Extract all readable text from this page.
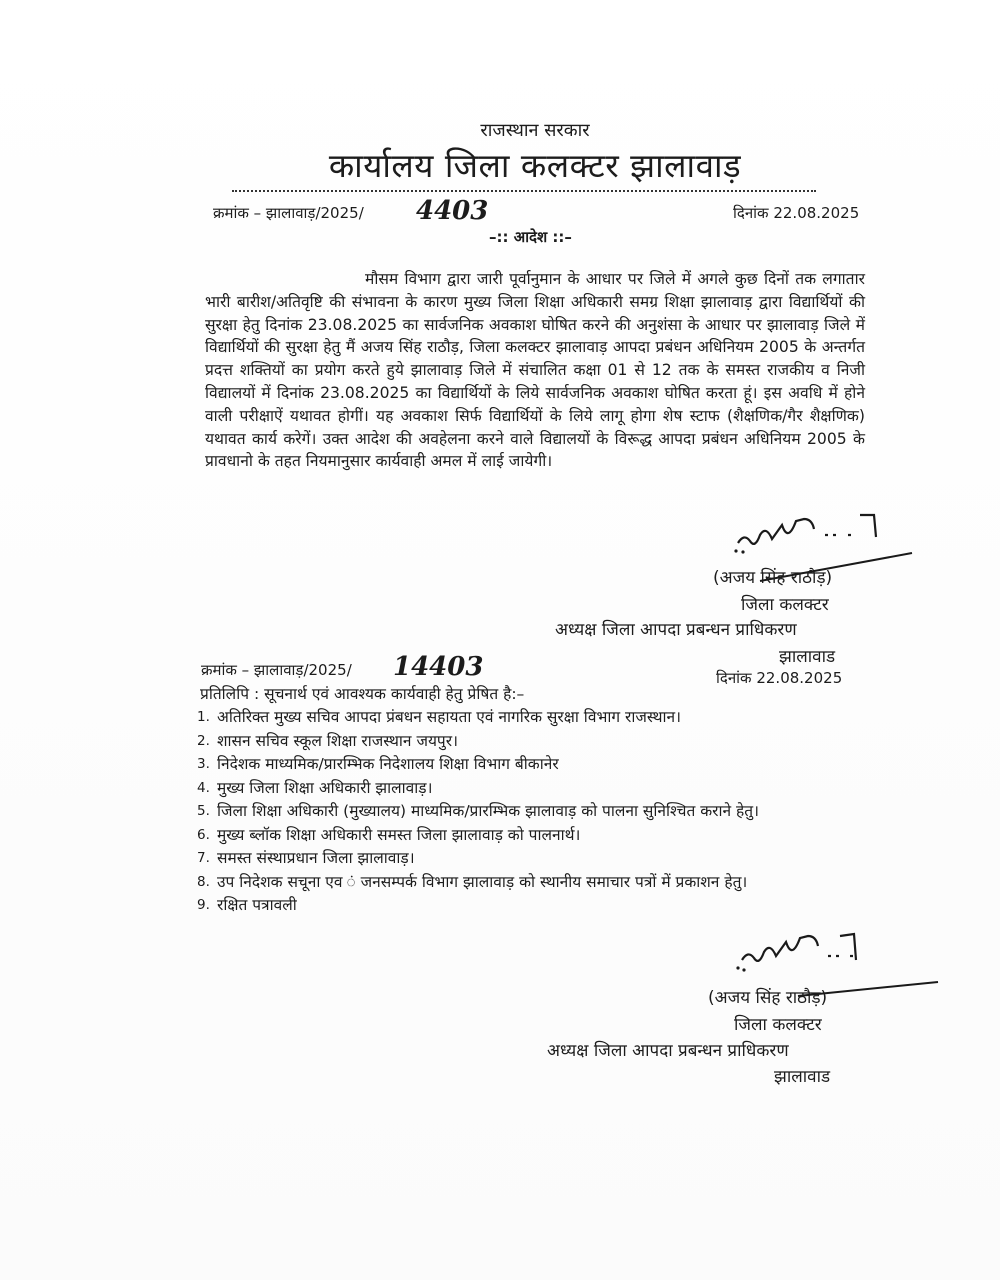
राजस्थान सरकार
कार्यालय जिला कलक्टर झालावाड़
क्रमांक – झालावाड़/2025/ 4403	दिनांक 22.08.2025
–:: आदेश ::–
मौसम विभाग द्वारा जारी पूर्वानुमान के आधार पर जिले में अगले कुछ दिनों तक लगातार भारी बारीश/अतिवृष्टि की संभावना के कारण मुख्य जिला शिक्षा अधिकारी समग्र शिक्षा झालावाड़ द्वारा विद्यार्थियों की सुरक्षा हेतु दिनांक 23.08.2025 का सार्वजनिक अवकाश घोषित करने की अनुशंसा के आधार पर झालावाड़ जिले में विद्यार्थियों की सुरक्षा हेतु मैं अजय सिंह राठौड़, जिला कलक्टर झालावाड़ आपदा प्रबंधन अधिनियम 2005 के अन्तर्गत प्रदत्त शक्तियों का प्रयोग करते हुये झालावाड़ जिले में संचालित कक्षा 01 से 12 तक के समस्त राजकीय व निजी विद्यालयों में दिनांक 23.08.2025 का विद्यार्थियों के लिये सार्वजनिक अवकाश घोषित करता हूं। इस अवधि में होने वाली परीक्षाऐं यथावत होगीं। यह अवकाश सिर्फ विद्यार्थियों के लिये लागू होगा शेष स्टाफ (शैक्षणिक/गैर शैक्षणिक) यथावत कार्य करेगें। उक्त आदेश की अवहेलना करने वाले विद्यालयों के विरूद्ध आपदा प्रबंधन अधिनियम 2005 के प्रावधानो के तहत नियमानुसार कार्यवाही अमल में लाई जायेगी।
(अजय सिंह राठौड़)
जिला कलक्टर
अध्यक्ष जिला आपदा प्रबन्धन प्राधिकरण
झालावाड
क्रमांक – झालावाड़/2025/ 14403	दिनांक 22.08.2025
प्रतिलिपि : सूचनार्थ एवं आवश्यक कार्यवाही हेतु प्रेषित है:–
1. अतिरिक्त मुख्य सचिव आपदा प्रंबधन सहायता एवं नागरिक सुरक्षा विभाग राजस्थान।
2. शासन सचिव स्कूल शिक्षा राजस्थान जयपुर।
3. निदेशक माध्यमिक/प्रारम्भिक निदेशालय शिक्षा विभाग बीकानेर
4. मुख्य जिला शिक्षा अधिकारी झालावाड़।
5. जिला शिक्षा अधिकारी (मुख्यालय) माध्यमिक/प्रारम्भिक झालावाड़ को पालना सुनिश्चित कराने हेतु।
6. मुख्य ब्लॉक शिक्षा अधिकारी समस्त जिला झालावाड़ को पालनार्थ।
7. समस्त संस्थाप्रधान जिला झालावाड़।
8. उप निदेशक सचूना एव ं जनसम्पर्क विभाग झालावाड़ को स्थानीय समाचार पत्रों में प्रकाशन हेतु।
9. रक्षित पत्रावली
(अजय सिंह राठौड़)
जिला कलक्टर
अध्यक्ष जिला आपदा प्रबन्धन प्राधिकरण
झालावाड
